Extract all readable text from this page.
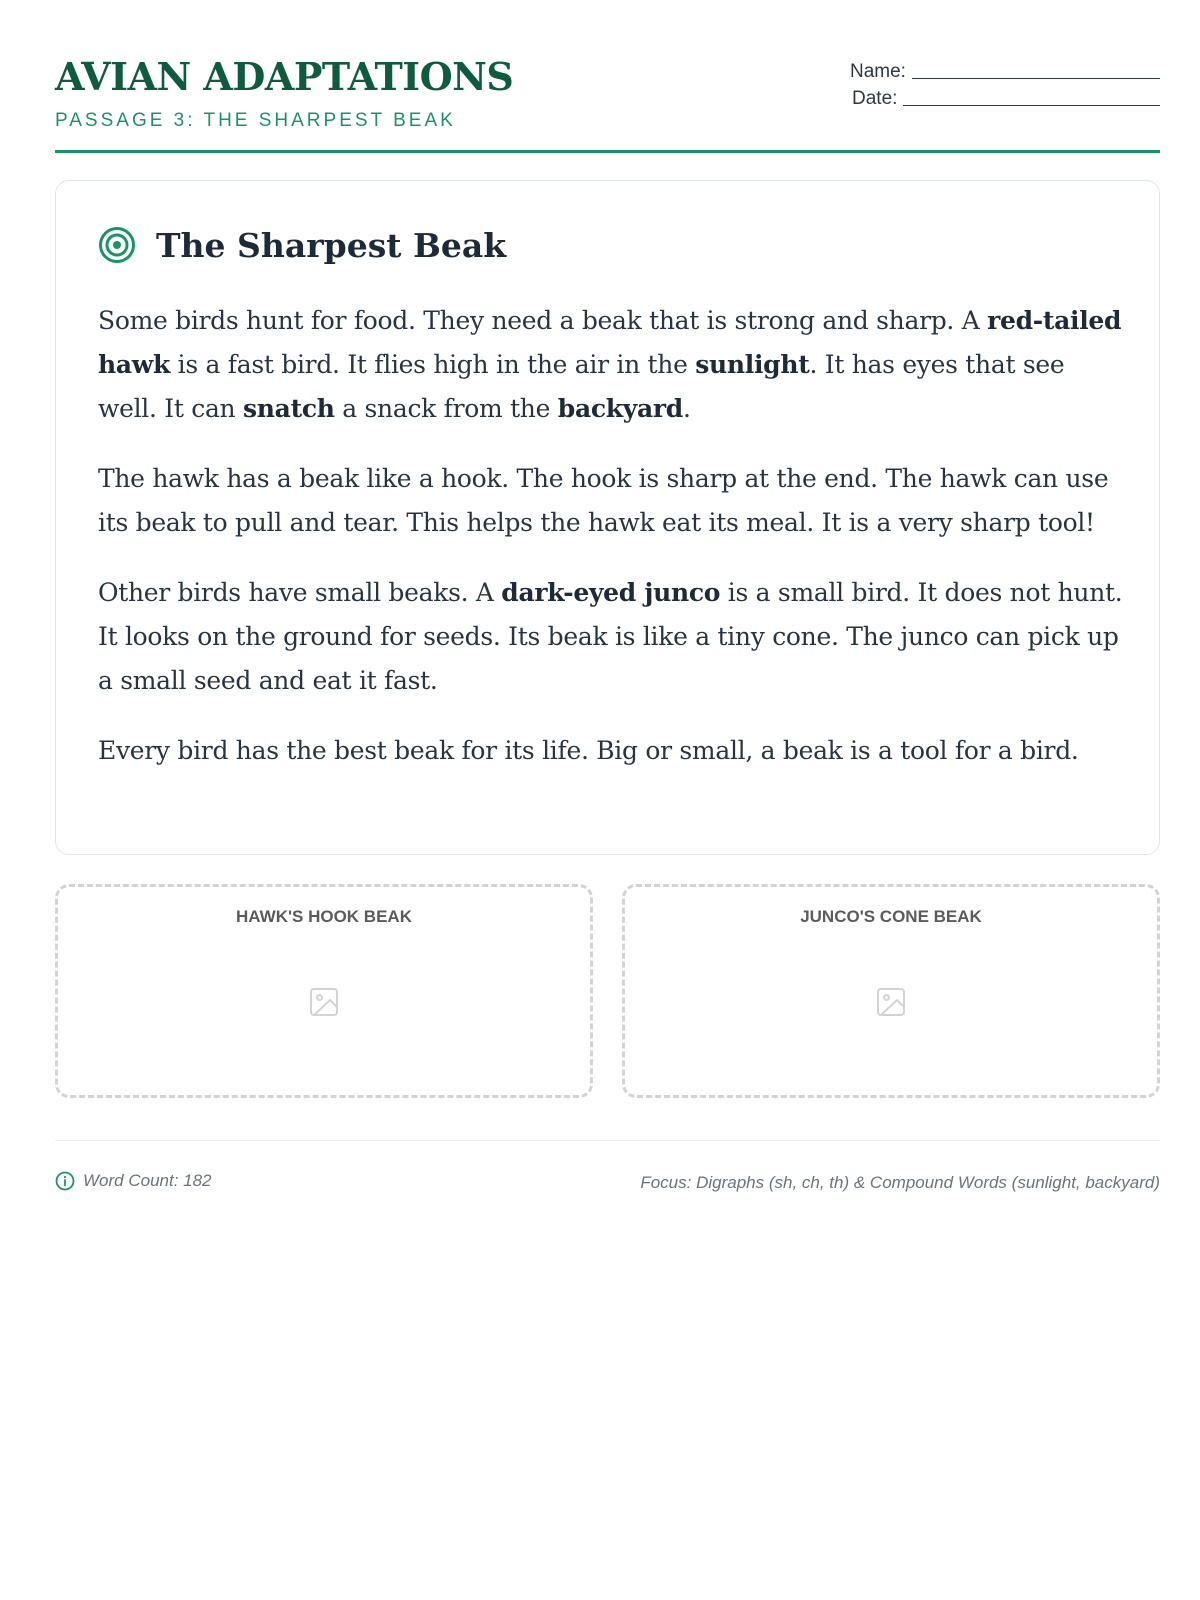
AVIAN ADAPTATIONS
PASSAGE 3: THE SHARPEST BEAK
Name:
Date:
The Sharpest Beak

Some birds hunt for food. They need a beak that is strong and sharp. A red-tailed hawk is a fast bird. It flies high in the air in the sunlight. It has eyes that see well. It can snatch a snack from the backyard.

The hawk has a beak like a hook. The hook is sharp at the end. The hawk can use its beak to pull and tear. This helps the hawk eat its meal. It is a very sharp tool!

Other birds have small beaks. A dark-eyed junco is a small bird. It does not hunt. It looks on the ground for seeds. Its beak is like a tiny cone. The junco can pick up a small seed and eat it fast.

Every bird has the best beak for its life. Big or small, a beak is a tool for a bird.

HAWK'S HOOK BEAK	JUNCO'S CONE BEAK
Word Count: 182	Focus: Digraphs (sh, ch, th) & Compound Words (sunlight, backyard)
